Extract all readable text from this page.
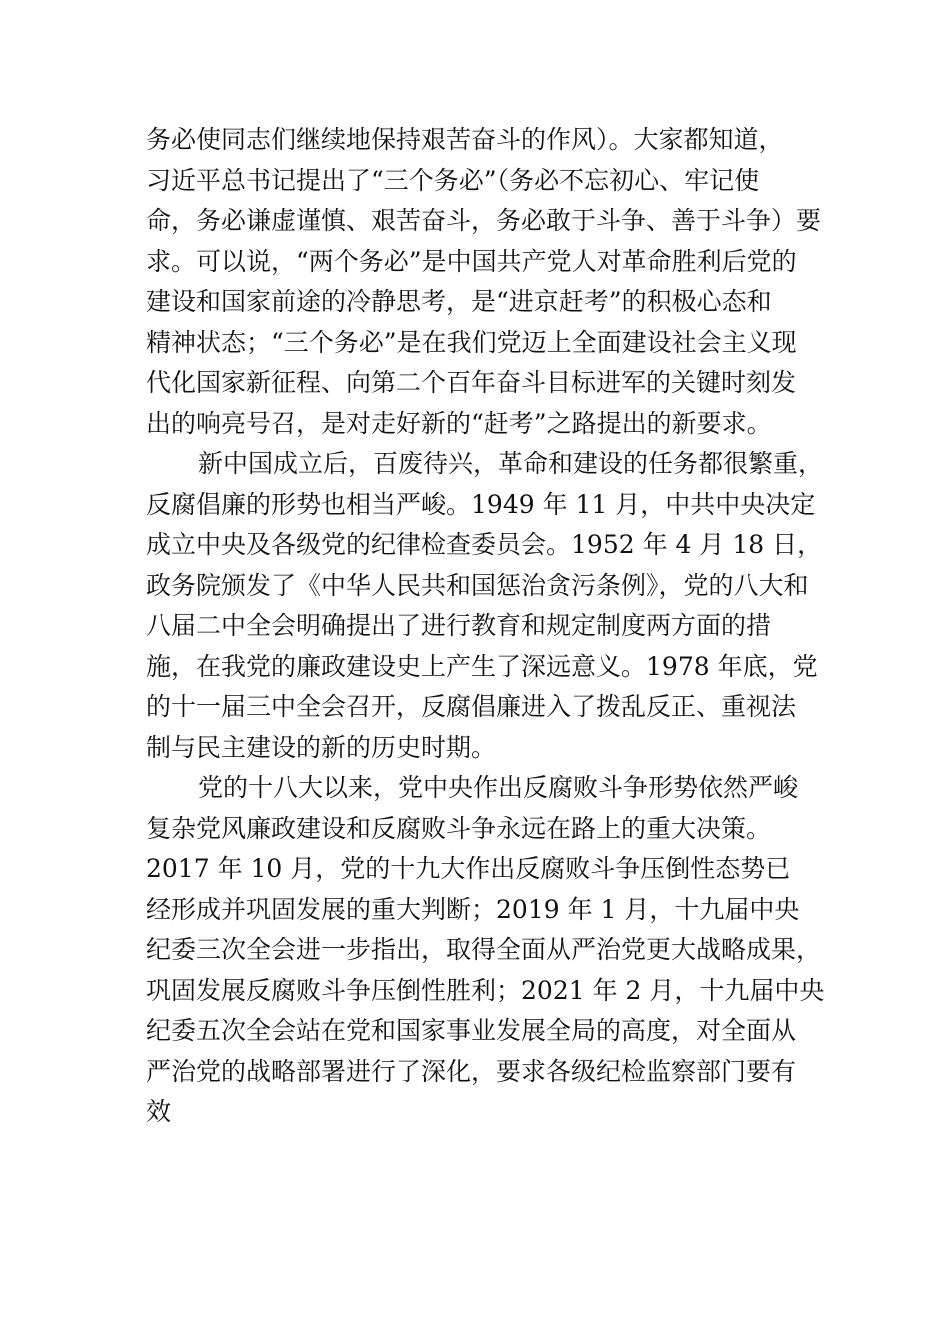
务必使同志们继续地保持艰苦奋斗的作风）。大家都知道，
习近平总书记提出了“三个务必”（务必不忘初心、牢记使
命，务必谦虚谨慎、艰苦奋斗，务必敢于斗争、善于斗争）要
求。可以说，“两个务必”是中国共产党人对革命胜利后党的
建设和国家前途的冷静思考，是“进京赶考”的积极心态和
精神状态；“三个务必”是在我们党迈上全面建设社会主义现
代化国家新征程、向第二个百年奋斗目标进军的关键时刻发
出的响亮号召，是对走好新的“赶考”之路提出的新要求。

新中国成立后，百废待兴，革命和建设的任务都很繁重，
反腐倡廉的形势也相当严峻。1949 年 11 月，中共中央决定
成立中央及各级党的纪律检查委员会。1952 年 4 月 18 日，
政务院颁发了《中华人民共和国惩治贪污条例》，党的八大和
八届二中全会明确提出了进行教育和规定制度两方面的措
施，在我党的廉政建设史上产生了深远意义。1978 年底，党
的十一届三中全会召开，反腐倡廉进入了拨乱反正、重视法
制与民主建设的新的历史时期。

党的十八大以来，党中央作出反腐败斗争形势依然严峻
复杂党风廉政建设和反腐败斗争永远在路上的重大决策。
2017 年 10 月，党的十九大作出反腐败斗争压倒性态势已
经形成并巩固发展的重大判断；2019 年 1 月，十九届中央
纪委三次全会进一步指出，取得全面从严治党更大战略成果，
巩固发展反腐败斗争压倒性胜利；2021 年 2 月，十九届中央
纪委五次全会站在党和国家事业发展全局的高度，对全面从
严治党的战略部署进行了深化，要求各级纪检监察部门要有
效
